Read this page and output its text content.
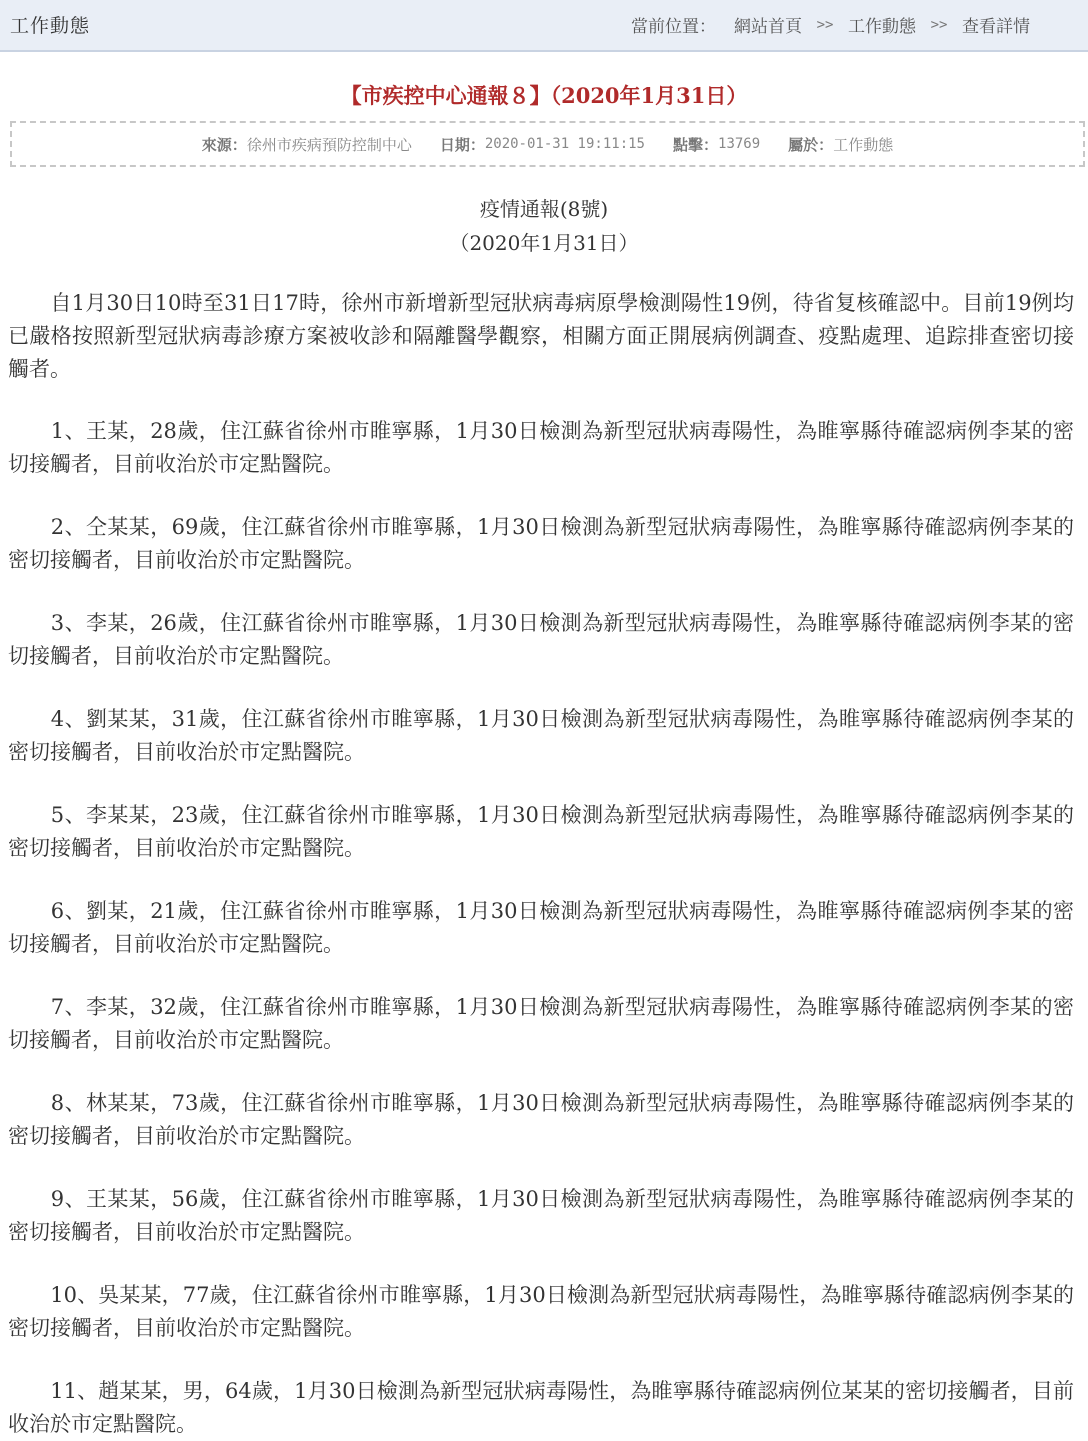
工作動態	當前位置： 網站首頁	>> 工作動態	>> 查看詳情
【市疾控中心通報８】（2020年1月31日）
來源： 徐州市疾病預防控制中心 日期： 2020-01-31 19:11:15 點擊： 13769 屬於： 工作動態
疫情通報(8號)
（2020年1月31日）

　　自1月30日10時至31日17時，徐州市新增新型冠狀病毒病原學檢測陽性19例，待省复核確認中。目前19例均已嚴格按照新型冠狀病毒診療方案被收診和隔離醫學觀察，相關方面正開展病例調查、疫點處理、追踪排查密切接觸者。

　　1、王某，28歲，住江蘇省徐州市睢寧縣，1月30日檢測為新型冠狀病毒陽性，為睢寧縣待確認病例李某的密切接觸者，目前收治於市定點醫院。

　　2、仝某某，69歲，住江蘇省徐州市睢寧縣，1月30日檢測為新型冠狀病毒陽性，為睢寧縣待確認病例李某的密切接觸者，目前收治於市定點醫院。

　　3、李某，26歲，住江蘇省徐州市睢寧縣，1月30日檢測為新型冠狀病毒陽性，為睢寧縣待確認病例李某的密切接觸者，目前收治於市定點醫院。

　　4、劉某某，31歲，住江蘇省徐州市睢寧縣，1月30日檢測為新型冠狀病毒陽性，為睢寧縣待確認病例李某的密切接觸者，目前收治於市定點醫院。

　　5、李某某，23歲，住江蘇省徐州市睢寧縣，1月30日檢測為新型冠狀病毒陽性，為睢寧縣待確認病例李某的密切接觸者，目前收治於市定點醫院。

　　6、劉某，21歲，住江蘇省徐州市睢寧縣，1月30日檢測為新型冠狀病毒陽性，為睢寧縣待確認病例李某的密切接觸者，目前收治於市定點醫院。

　　7、李某，32歲，住江蘇省徐州市睢寧縣，1月30日檢測為新型冠狀病毒陽性，為睢寧縣待確認病例李某的密切接觸者，目前收治於市定點醫院。

　　8、林某某，73歲，住江蘇省徐州市睢寧縣，1月30日檢測為新型冠狀病毒陽性，為睢寧縣待確認病例李某的密切接觸者，目前收治於市定點醫院。

　　9、王某某，56歲，住江蘇省徐州市睢寧縣，1月30日檢測為新型冠狀病毒陽性，為睢寧縣待確認病例李某的密切接觸者，目前收治於市定點醫院。

　　10、吳某某，77歲，住江蘇省徐州市睢寧縣，1月30日檢測為新型冠狀病毒陽性，為睢寧縣待確認病例李某的密切接觸者，目前收治於市定點醫院。

　　11、趙某某，男，64歲，1月30日檢測為新型冠狀病毒陽性，為睢寧縣待確認病例位某某的密切接觸者，目前收治於市定點醫院。
